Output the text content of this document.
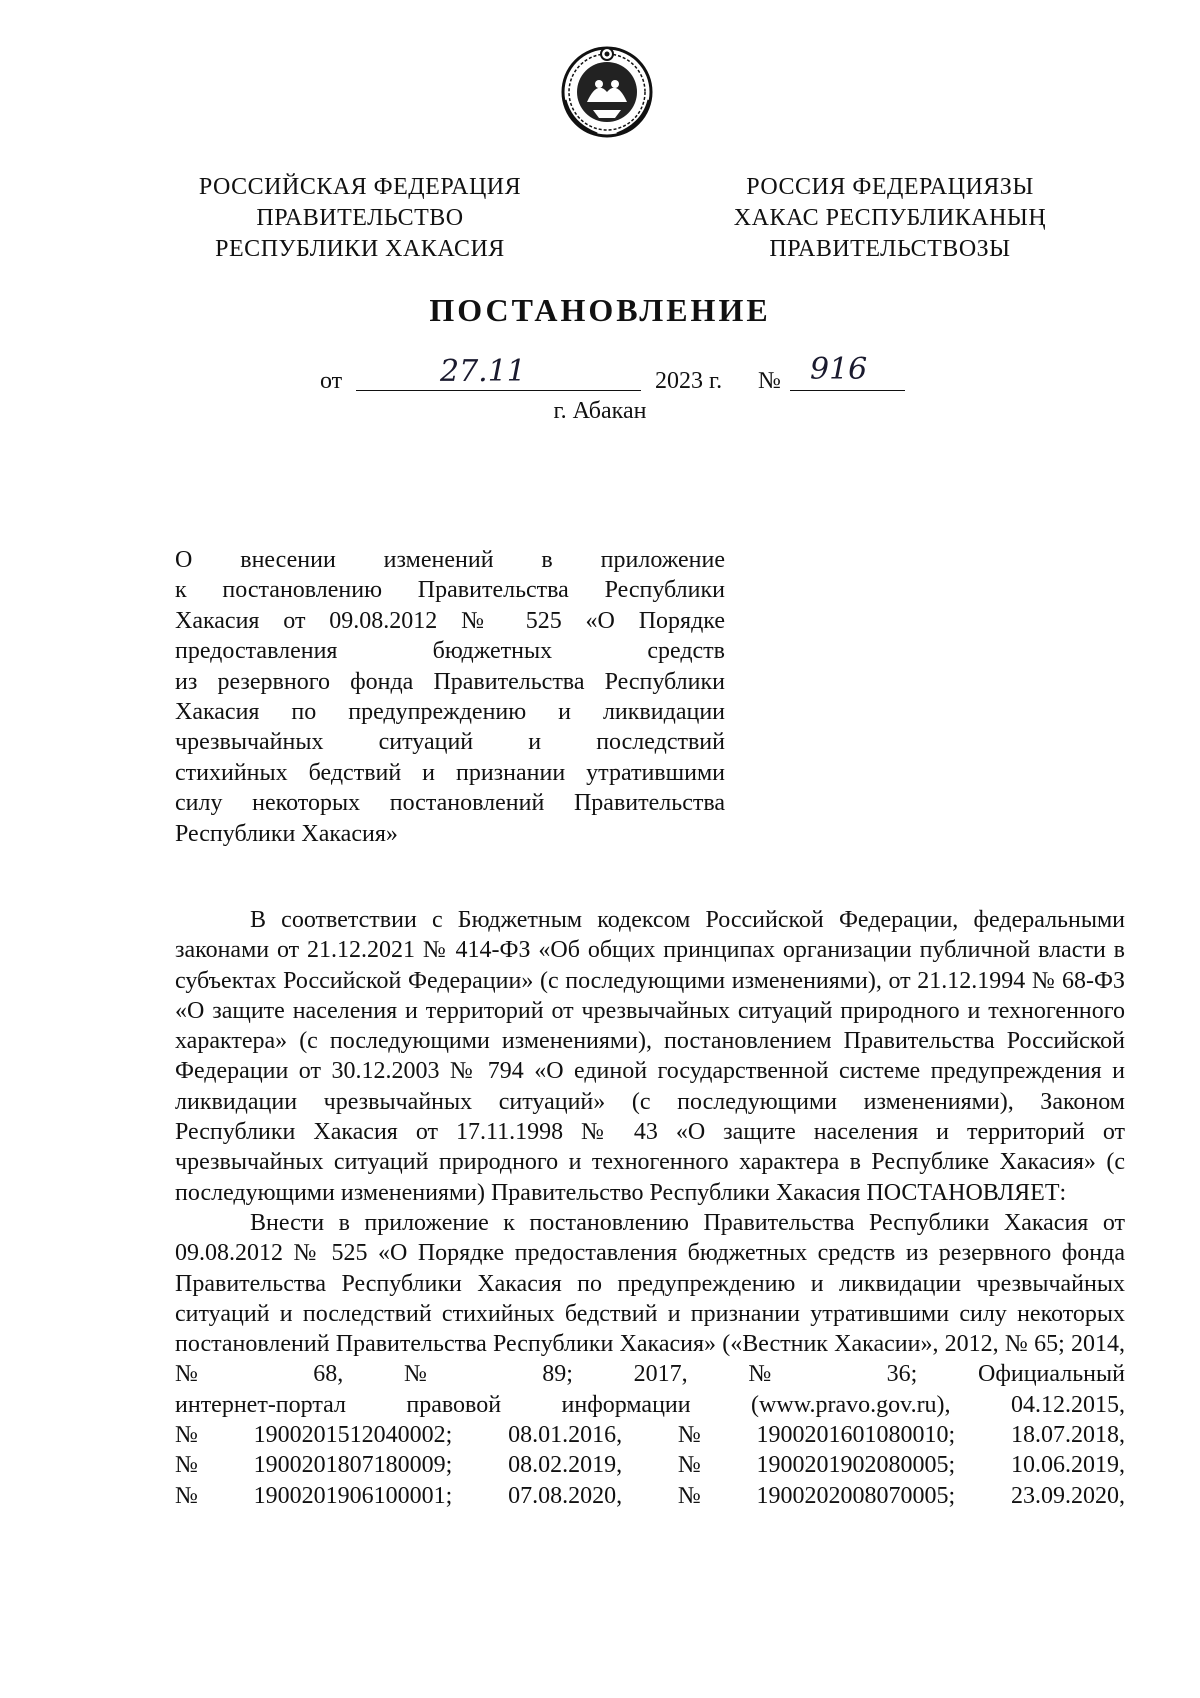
РОССИЙСКАЯ ФЕДЕРАЦИЯ
ПРАВИТЕЛЬСТВО
РЕСПУБЛИКИ ХАКАСИЯ
РОССИЯ ФЕДЕРАЦИЯЗЫ
ХАКАС РЕСПУБЛИКАНЫҢ
ПРАВИТЕЛЬСТВОЗЫ
ПОСТАНОВЛЕНИЕ
от	27.11	2023 г. № 916
г. Абакан
О внесении изменений в приложение
к постановлению Правительства Республики
Хакасия от 09.08.2012 № 525 «О Порядке
предоставления бюджетных средств
из резервного фонда Правительства Республики
Хакасия по предупреждению и ликвидации
чрезвычайных ситуаций и последствий
стихийных бедствий и признании утратившими
силу некоторых постановлений Правительства
Республики Хакасия»

В соответствии с Бюджетным кодексом Российской Федерации, федеральными законами от 21.12.2021 № 414-ФЗ «Об общих принципах организации публичной власти в субъектах Российской Федерации» (с последующими изменениями), от 21.12.1994 № 68-ФЗ «О защите населения и территорий от чрезвычайных ситуаций природного и техногенного характера» (с последующими изменениями), постановлением Правительства Российской Федерации от 30.12.2003 № 794 «О единой государственной системе предупреждения и ликвидации чрезвычайных ситуаций» (с последующими изменениями), Законом Республики Хакасия от 17.11.1998 № 43 «О защите населения и территорий от чрезвычайных ситуаций природного и техногенного характера в Республике Хакасия» (с последующими изменениями) Правительство Республики Хакасия ПОСТАНОВЛЯЕТ:

Внести в приложение к постановлению Правительства Республики Хакасия от 09.08.2012 № 525 «О Порядке предоставления бюджетных средств из резервного фонда Правительства Республики Хакасия по предупреждению и ликвидации чрезвычайных ситуаций и последствий стихийных бедствий и признании утратившими силу некоторых постановлений Правительства Республики Хакасия» («Вестник Хакасии», 2012, № 65; 2014, № 68, № 89; 2017, № 36; Официальный

интернет-портал	правовой	информации	(www.pravo.gov.ru),	04.12.2015,
№ 1900201512040002; 08.01.2016, № 1900201601080010; 18.07.2018,
№ 1900201807180009; 08.02.2019, № 1900201902080005; 10.06.2019,
№ 1900201906100001; 07.08.2020, № 1900202008070005; 23.09.2020,
